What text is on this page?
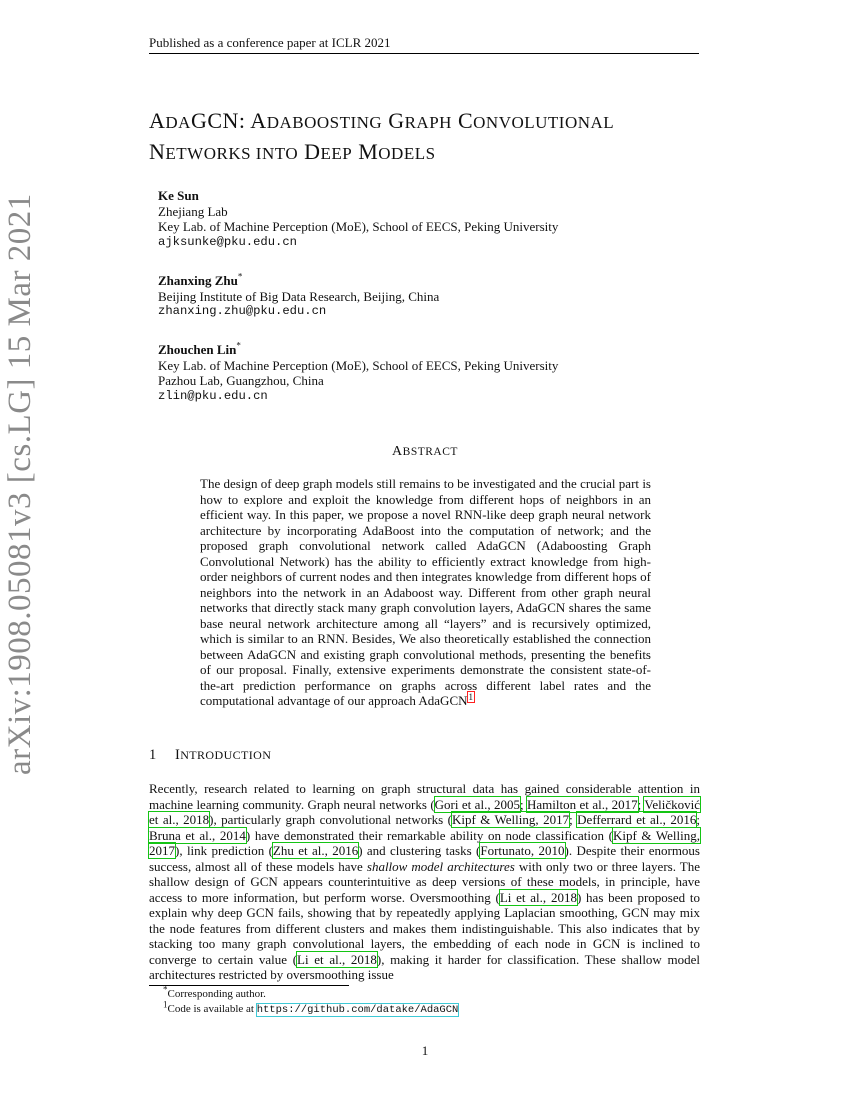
Published as a conference paper at ICLR 2021
arXiv:1908.05081v3 [cs.LG] 15 Mar 2021
ADAGCN: ADABOOSTING GRAPH CONVOLUTIONAL
NETWORKS INTO DEEP MODELS
Ke Sun
Zhejiang Lab
Key Lab. of Machine Perception (MoE), School of EECS, Peking University
ajksunke@pku.edu.cn
Zhanxing Zhu*
Beijing Institute of Big Data Research, Beijing, China
zhanxing.zhu@pku.edu.cn
Zhouchen Lin*
Key Lab. of Machine Perception (MoE), School of EECS, Peking University
Pazhou Lab, Guangzhou, China
zlin@pku.edu.cn
ABSTRACT
The design of deep graph models still remains to be investigated and the crucial part is how to explore and exploit the knowledge from different hops of neighbors in an efficient way. In this paper, we propose a novel RNN-like deep graph neural network architecture by incorporating AdaBoost into the computation of network; and the proposed graph convolutional network called AdaGCN (Adaboosting Graph Convolutional Network) has the ability to efficiently extract knowledge from high-order neighbors of current nodes and then integrates knowledge from different hops of neighbors into the network in an Adaboost way. Different from other graph neural networks that directly stack many graph convolution layers, AdaGCN shares the same base neural network architecture among all “layers” and is recursively optimized, which is similar to an RNN. Besides, We also theoretically established the connection between AdaGCN and existing graph convolutional methods, presenting the benefits of our proposal. Finally, extensive experiments demonstrate the consistent state-of-the-art prediction performance on graphs across different label rates and the computational advantage of our approach AdaGCN$^1$
1 INTRODUCTION
Recently, research related to learning on graph structural data has gained considerable attention in machine learning community. Graph neural networks (Gori et al., 2005; Hamilton et al., 2017; Veličković et al., 2018), particularly graph convolutional networks (Kipf & Welling, 2017; Defferrard et al., 2016; Bruna et al., 2014) have demonstrated their remarkable ability on node classification (Kipf & Welling, 2017), link prediction (Zhu et al., 2016) and clustering tasks (Fortunato, 2010). Despite their enormous success, almost all of these models have shallow model architectures with only two or three layers. The shallow design of GCN appears counterintuitive as deep versions of these models, in principle, have access to more information, but perform worse. Oversmoothing (Li et al., 2018) has been proposed to explain why deep GCN fails, showing that by repeatedly applying Laplacian smoothing, GCN may mix the node features from different clusters and makes them indistinguishable. This also indicates that by stacking too many graph convolutional layers, the embedding of each node in GCN is inclined to converge to certain value (Li et al., 2018), making it harder for classification. These shallow model architectures restricted by oversmoothing issue
*Corresponding author.
$^1$Code is available at https://github.com/datake/AdaGCN
1
